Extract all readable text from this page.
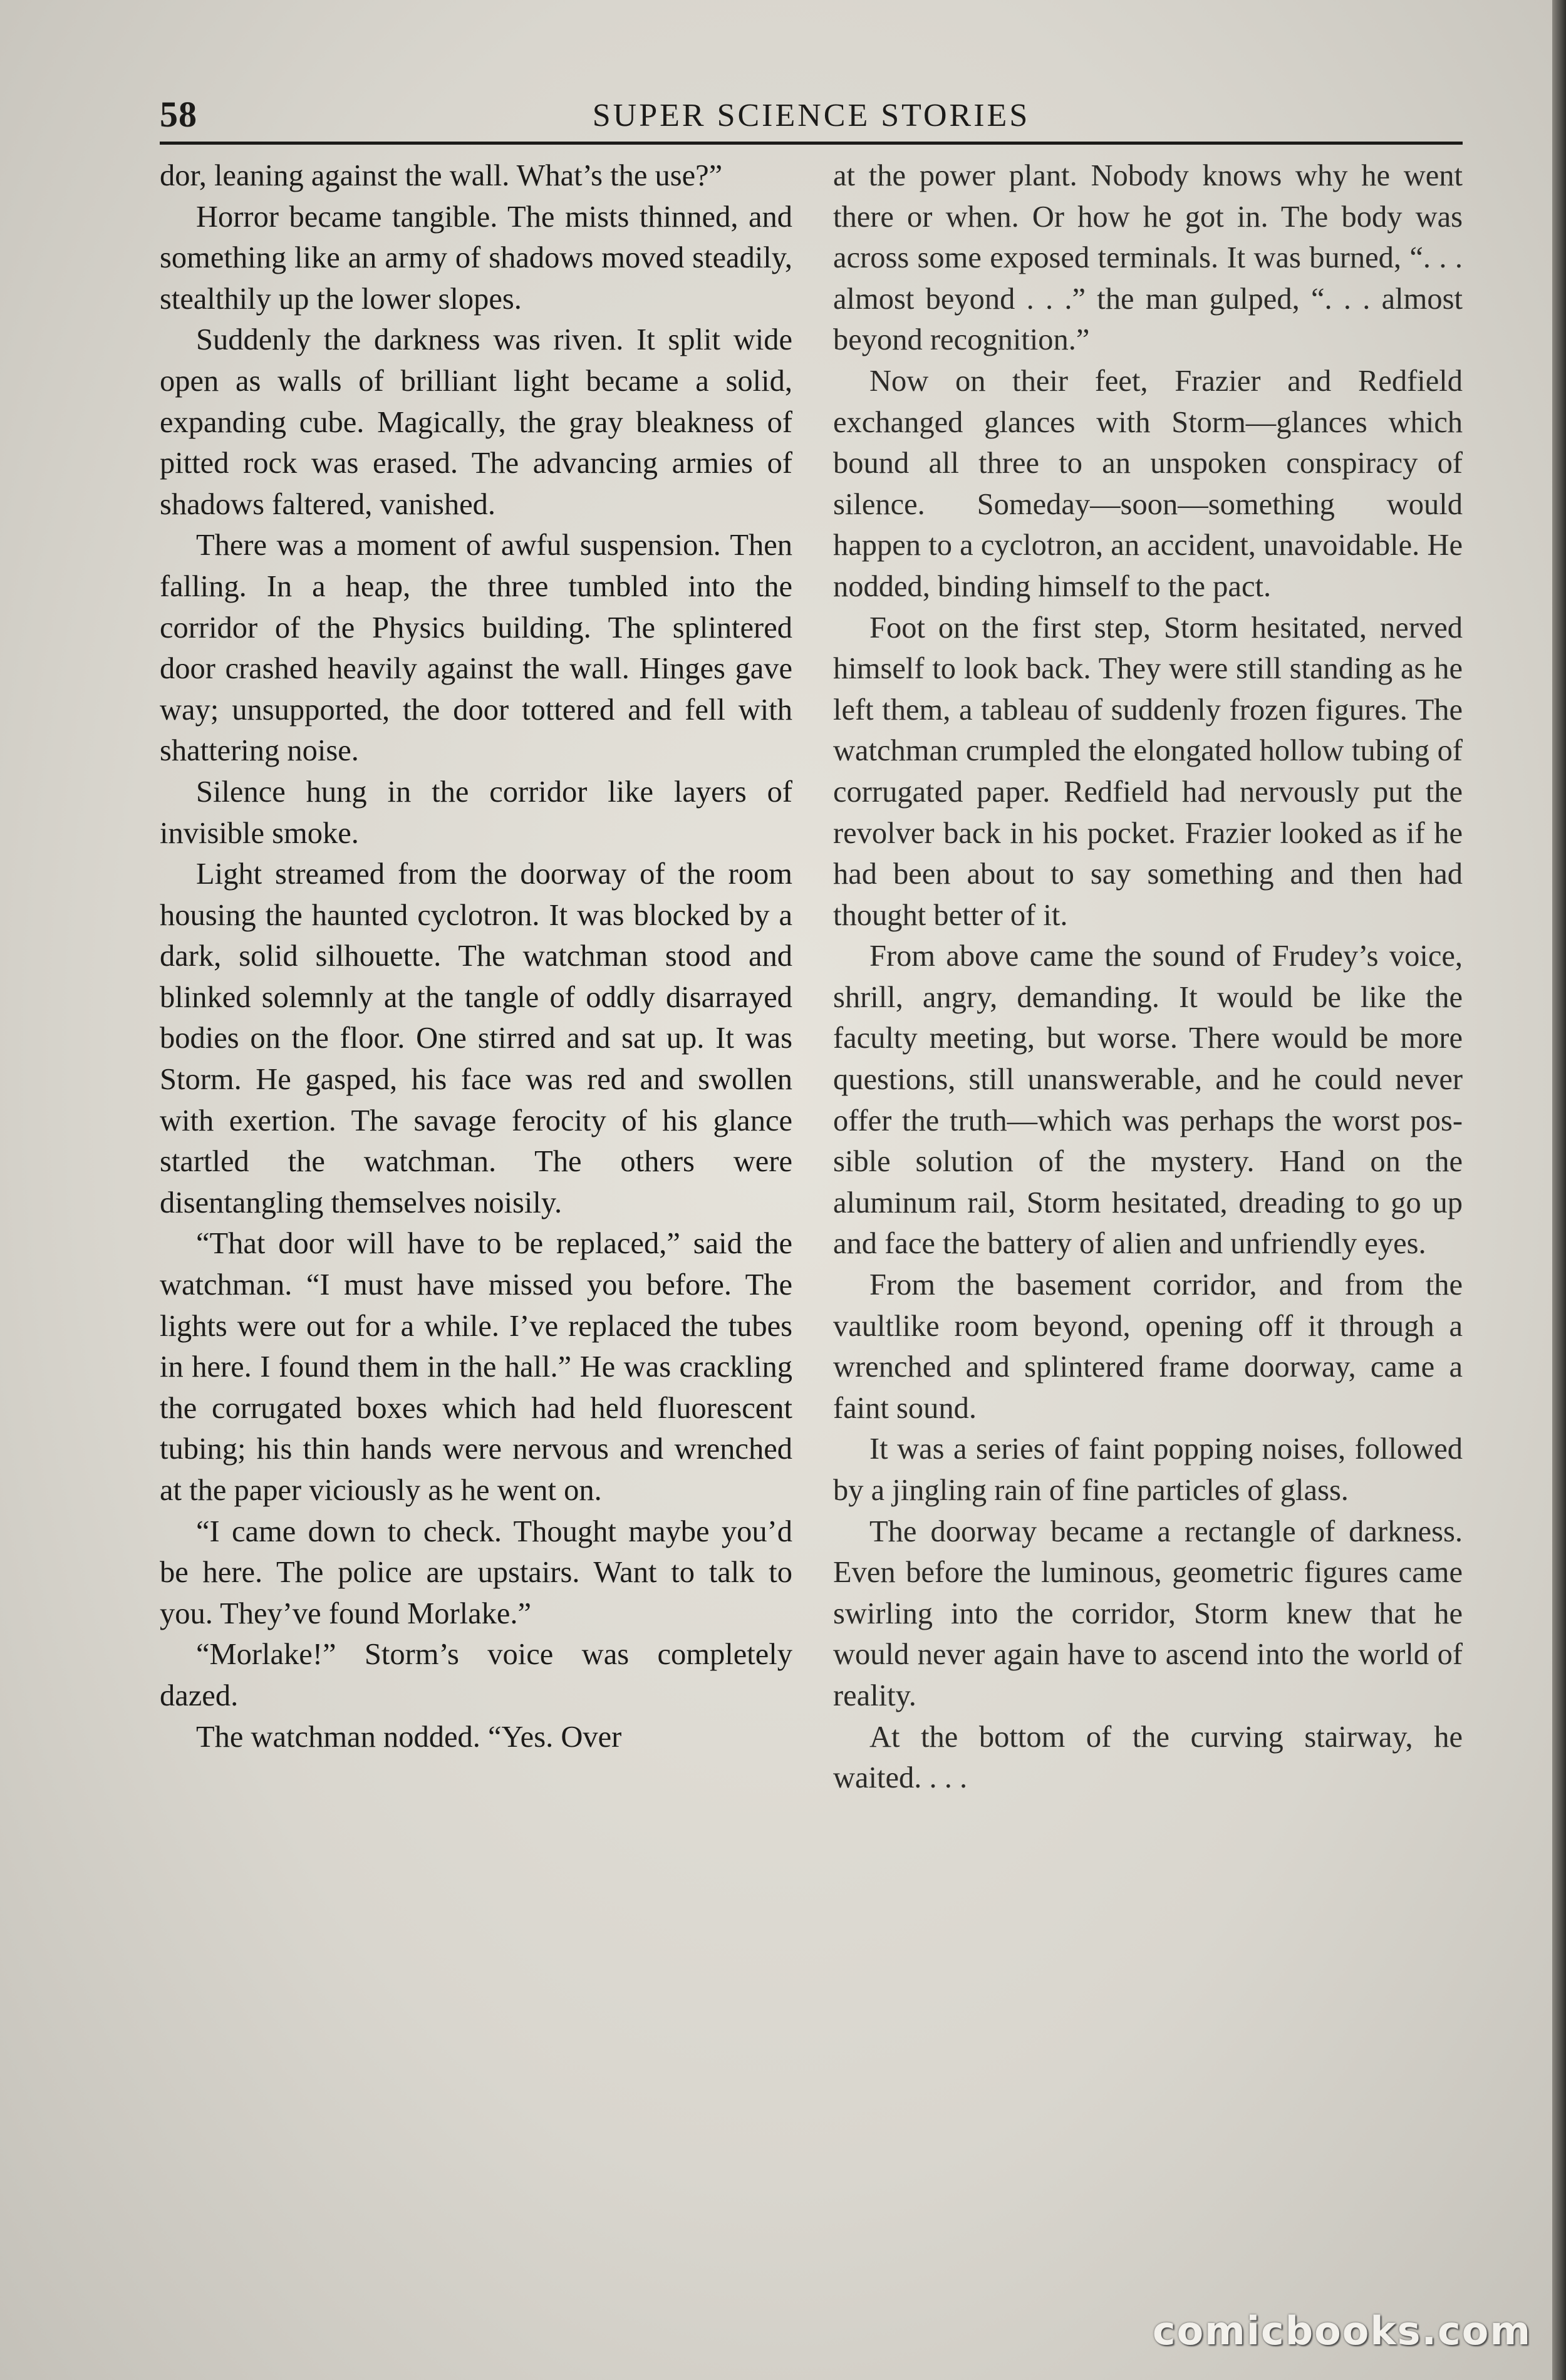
58	SUPER SCIENCE STORIES

dor, leaning against the wall. What’s the use?”

Horror became tangible. The mists thinned, and something like an army of shadows moved steadily, stealthily up the lower slopes.

Suddenly the darkness was riven. It split wide open as walls of brilliant light became a solid, expanding cube. Magically, the gray bleakness of pitted rock was erased. The advancing armies of shadows faltered, vanished.

There was a moment of awful suspension. Then falling. In a heap, the three tumbled into the corridor of the Physics building. The splintered door crashed heavily against the wall. Hinges gave way; unsupported, the door tottered and fell with shattering noise.

Silence hung in the corridor like layers of invisible smoke.

Light streamed from the doorway of the room housing the haunted cyclotron. It was blocked by a dark, solid silhouette. The watchman stood and blinked solemnly at the tangle of oddly disarrayed bodies on the floor. One stirred and sat up. It was Storm. He gasped, his face was red and swollen with exertion. The savage ferocity of his glance startled the watchman. The others were disentangling themselves noisily.

“That door will have to be replaced,” said the watchman. “I must have missed you before. The lights were out for a while. I’ve replaced the tubes in here. I found them in the hall.” He was crackling the corrugated boxes which had held fluorescent tubing; his thin hands were nervous and wrenched at the paper viciously as he went on.

“I came down to check. Thought maybe you’d be here. The police are upstairs. Want to talk to you. They’ve found Morlake.”

“Morlake!” Storm’s voice was completely dazed.

The watchman nodded. “Yes. Over

at the power plant. Nobody knows why he went there or when. Or how he got in. The body was across some exposed terminals. It was burned, “. . . almost beyond . . .” the man gulped, “. . . almost beyond recognition.”

Now on their feet, Frazier and Redfield exchanged glances with Storm—glances which bound all three to an unspoken conspiracy of silence. Someday—soon—something would happen to a cyclotron, an accident, unavoidable. He nodded, binding himself to the pact.

Foot on the first step, Storm hesitated, nerved himself to look back. They were still standing as he left them, a tableau of suddenly frozen figures. The watchman crumpled the elongated hollow tubing of corrugated paper. Redfield had nervously put the revolver back in his pocket. Frazier looked as if he had been about to say something and then had thought better of it.

From above came the sound of Frudey’s voice, shrill, angry, demanding. It would be like the faculty meeting, but worse. There would be more questions, still unanswerable, and he could never offer the truth—which was perhaps the worst possible solution of the mystery. Hand on the aluminum rail, Storm hesitated, dreading to go up and face the battery of alien and unfriendly eyes.

From the basement corridor, and from the vaultlike room beyond, opening off it through a wrenched and splintered frame doorway, came a faint sound.

It was a series of faint popping noises, followed by a jingling rain of fine particles of glass.

The doorway became a rectangle of darkness. Even before the luminous, geometric figures came swirling into the corridor, Storm knew that he would never again have to ascend into the world of reality.

At the bottom of the curving stairway, he waited. . . .

comicbooks.com
